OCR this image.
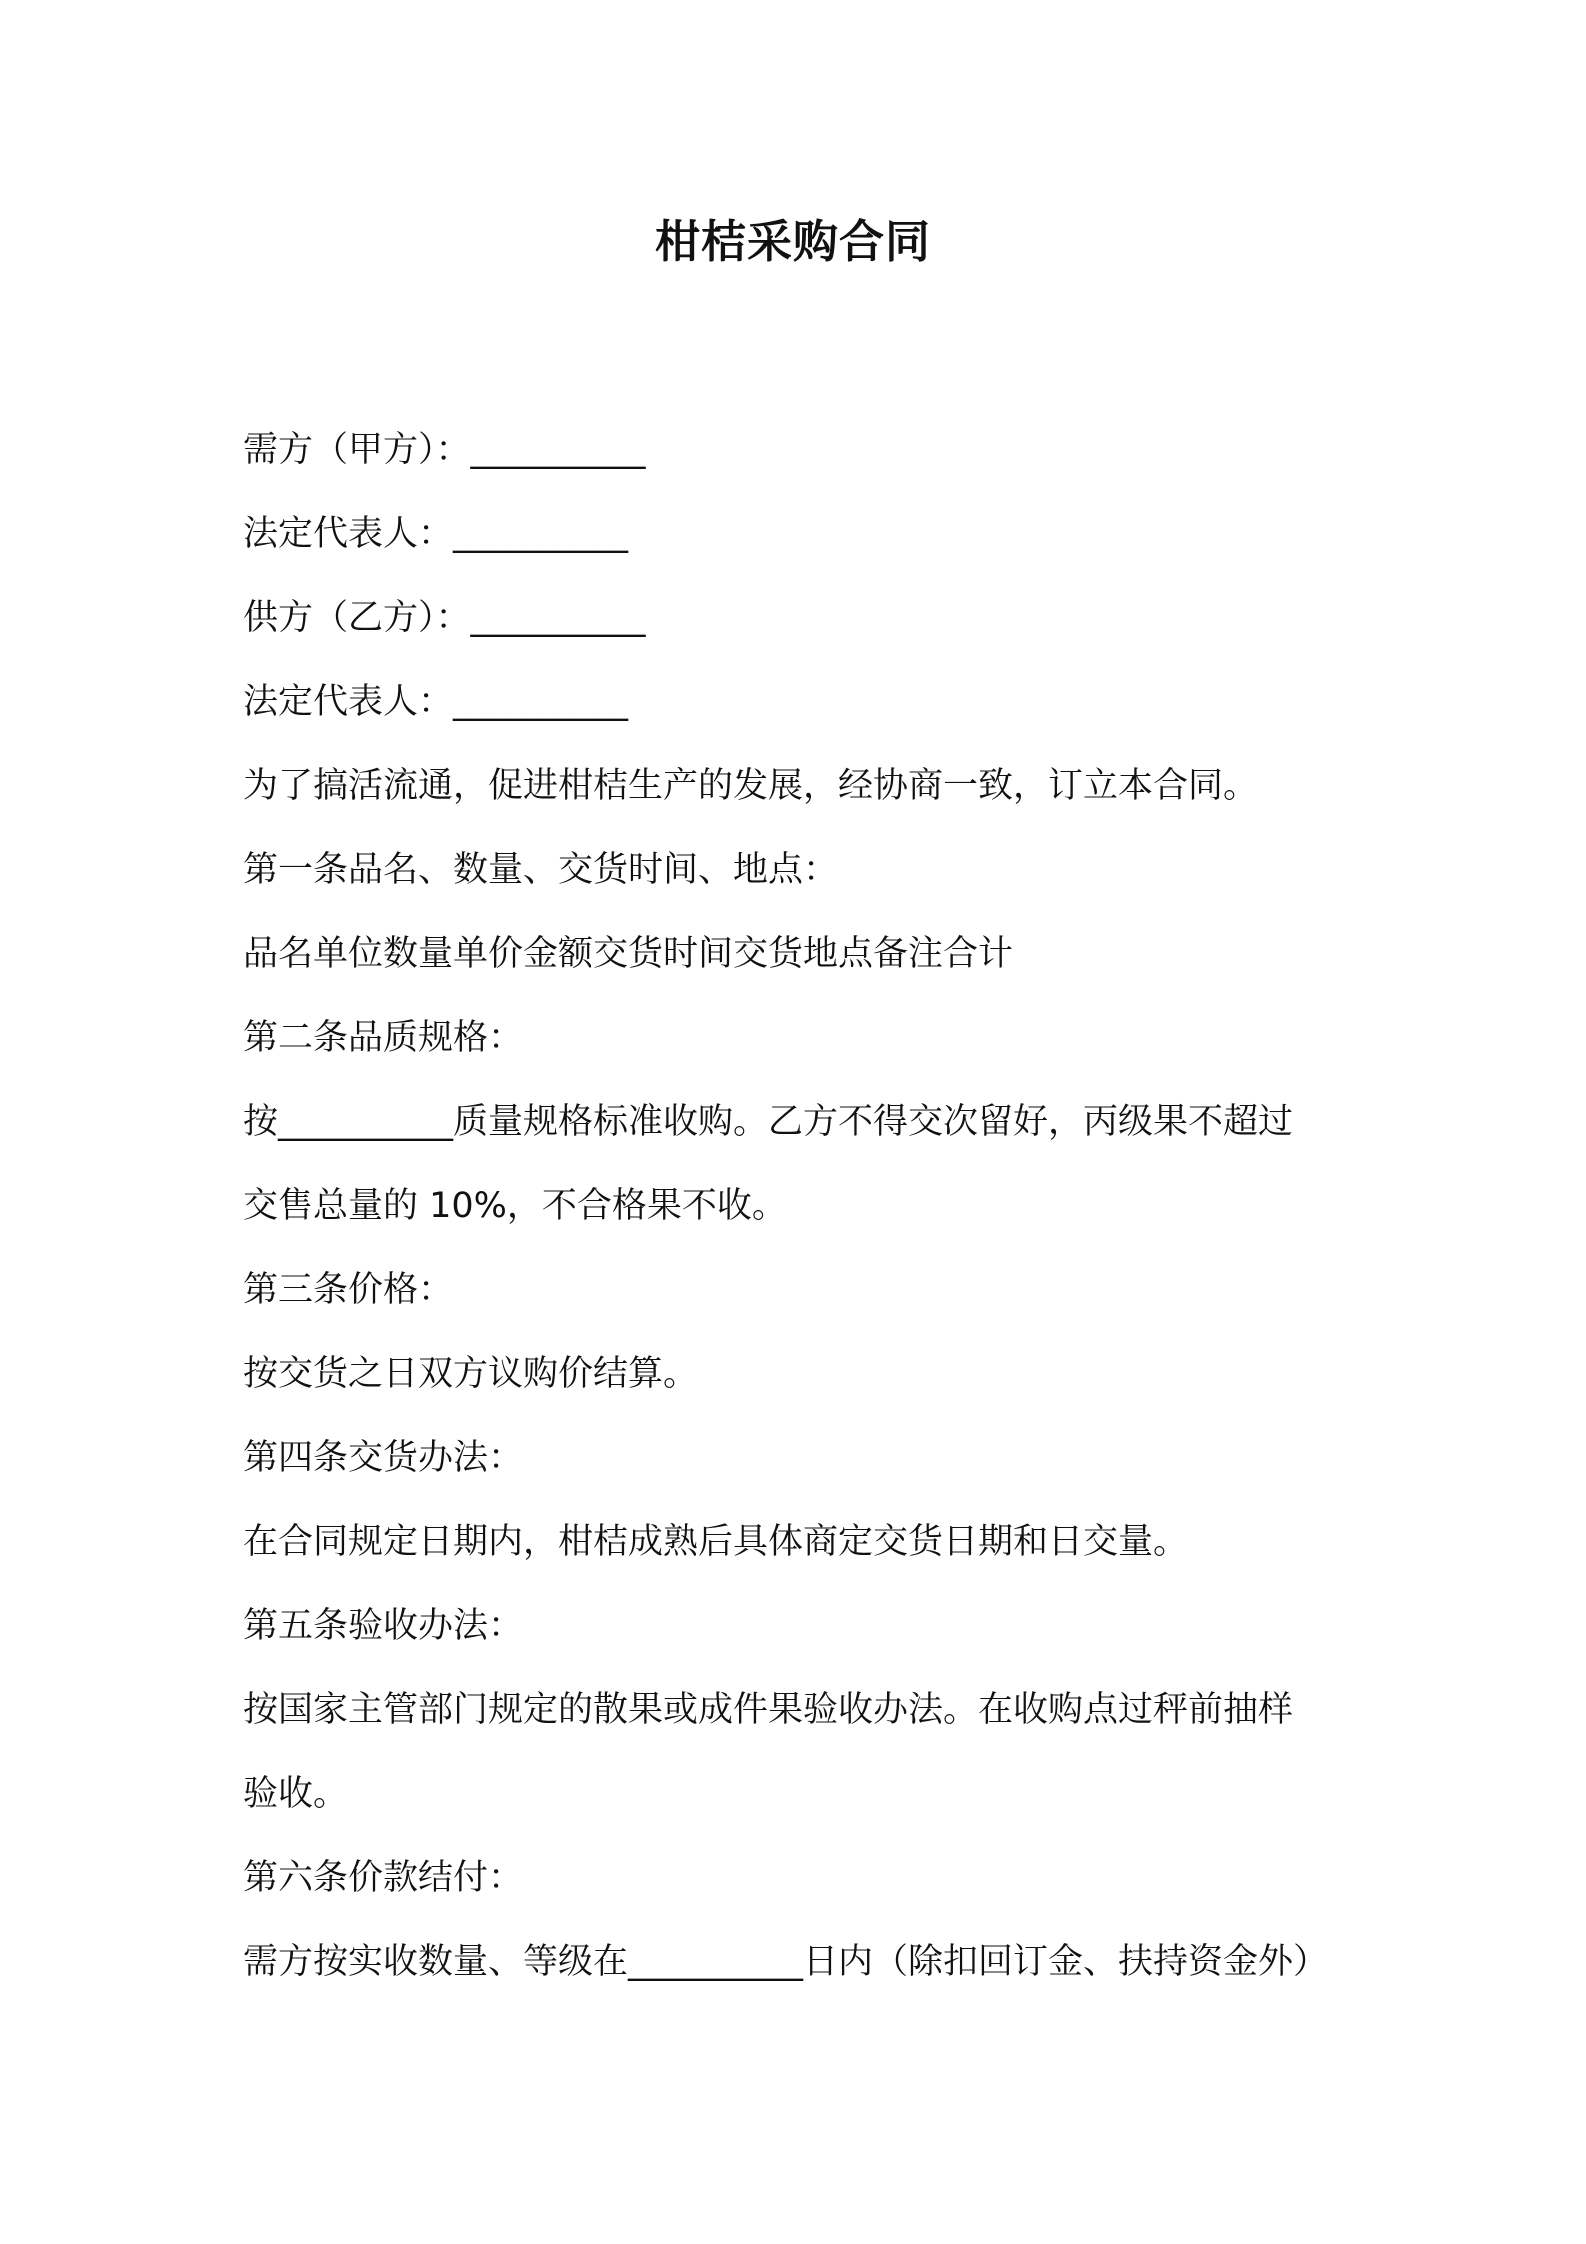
柑桔采购合同
需方（甲方）：__________
法定代表人：__________
供方（乙方）：__________
法定代表人：__________
为了搞活流通，促进柑桔生产的发展，经协商一致，订立本合同。
第一条品名、数量、交货时间、地点：
品名单位数量单价金额交货时间交货地点备注合计
第二条品质规格：
按__________质量规格标准收购。乙方不得交次留好，丙级果不超过
交售总量的 10%，不合格果不收。
第三条价格：
按交货之日双方议购价结算。
第四条交货办法：
在合同规定日期内，柑桔成熟后具体商定交货日期和日交量。
第五条验收办法：
按国家主管部门规定的散果或成件果验收办法。在收购点过秤前抽样
验收。
第六条价款结付：
需方按实收数量、等级在__________日内（除扣回订金、扶持资金外）
